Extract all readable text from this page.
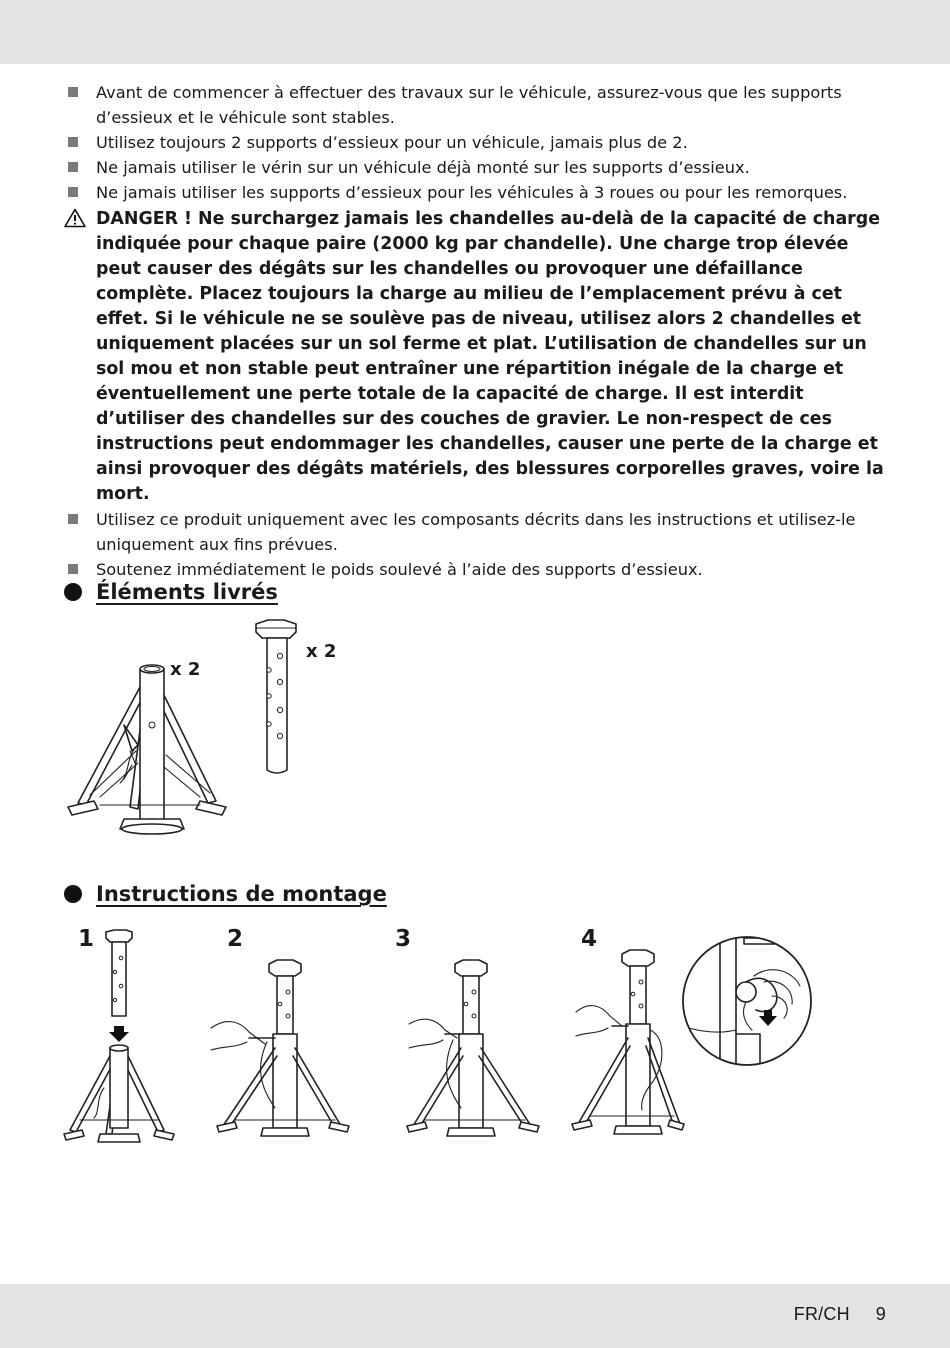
Avant de commencer à effectuer des travaux sur le véhicule, assurez-vous que les supports d’essieux et le véhicule sont stables.
Utilisez toujours 2 supports d’essieux pour un véhicule, jamais plus de 2.
Ne jamais utiliser le vérin sur un véhicule déjà monté sur les supports d’essieux.
Ne jamais utiliser les supports d’essieux pour les véhicules à 3 roues ou pour les remorques.
DANGER ! Ne surchargez jamais les chandelles au-delà de la capacité de charge indiquée pour chaque paire (2000 kg par chandelle). Une charge trop élevée peut causer des dégâts sur les chandelles ou provoquer une défaillance complète. Placez toujours la charge au milieu de l’emplacement prévu à cet effet. Si le véhicule ne se soulève pas de niveau, utilisez alors 2 chandelles et uniquement placées sur un sol ferme et plat. L’utilisation de chandelles sur un sol mou et non stable peut entraîner une répartition inégale de la charge et éventuellement une perte totale de la capacité de charge. Il est interdit d’utiliser des chandelles sur des couches de gravier. Le non-respect de ces instructions peut endommager les chandelles, causer une perte de la charge et ainsi provoquer des dégâts matériels, des blessures corporelles graves, voire la mort.
Utilisez ce produit uniquement avec les composants décrits dans les instructions et utilisez-le uniquement aux fins prévues.
Soutenez immédiatement le poids soulevé à l’aide des supports d’essieux.
Éléments livrés
x 2
x 2
Instructions de montage
1	2	3	4
FR/CH 9
